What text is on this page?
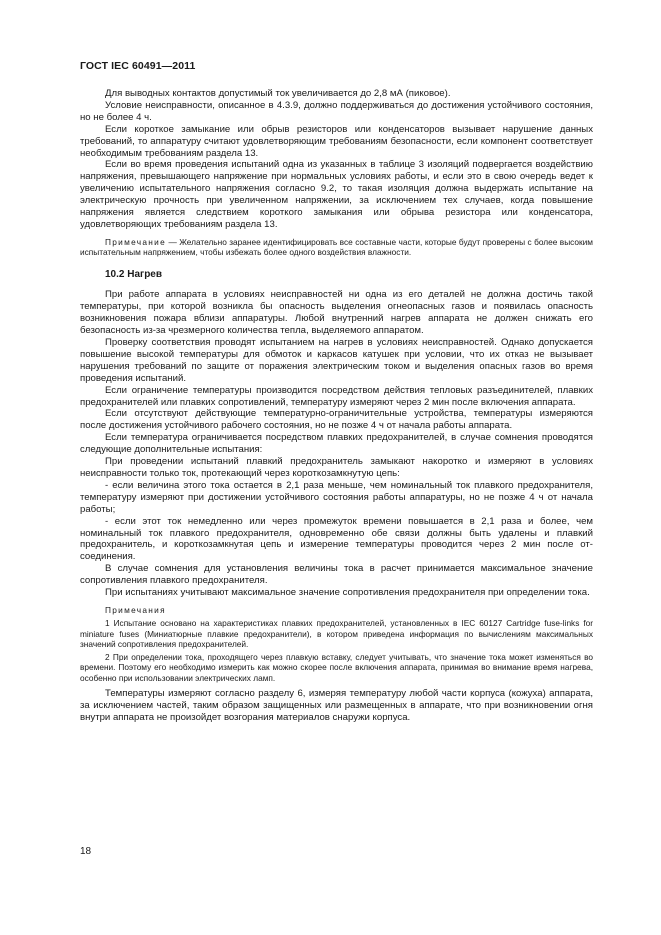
ГОСТ IEC 60491—2011

Для выводных контактов допустимый ток увеличивается до 2,8 мА (пиковое).

Условие неисправности, описанное в 4.3.9, должно поддерживаться до достижения устойчивого состояния, но не более 4 ч.

Если короткое замыкание или обрыв резисторов или конденсаторов вызывает нарушение данных требований, то аппаратуру считают удовлетворяющим требованиям безопасности, если компонент соответствует необходимым требованиям раздела 13.

Если во время проведения испытаний одна из указанных в таблице 3 изоляций подвергается воздействию напряжения, превышающего напряжение при нормальных условиях работы, и если это в свою очередь ведет к увеличению испытательного напряжения согласно 9.2, то такая изоляция должна выдержать испытание на электрическую прочность при увеличенном напряжении, за исключением тех случаев, когда повышение напряжения является следствием короткого замыкания или обрыва резистора или конденсатора, удовлетворяющих требованиям раздела 13.

Примечание — Желательно заранее идентифицировать все составные части, которые будут проверены с более высоким испытательным напряжением, чтобы избежать более одного воздействия влажности.

10.2 Нагрев

При работе аппарата в условиях неисправностей ни одна из его деталей не должна достичь такой температуры, при которой возникла бы опасность выделения огнеопасных газов и появилась опасность возникновения пожара вблизи аппаратуры. Любой внутренний нагрев аппарата не должен снижать его безопасность из-за чрезмерного количества тепла, выделяемого аппаратом.

Проверку соответствия проводят испытанием на нагрев в условиях неисправностей. Однако допускается повышение высокой температуры для обмоток и каркасов катушек при условии, что их отказ не вызывает нарушения требований по защите от поражения электрическим током и выделения опасных газов во время проведения испытаний.

Если ограничение температуры производится посредством действия тепловых разъединителей, плавких предохранителей или плавких сопротивлений, температуру измеряют через 2 мин после включения аппарата.

Если отсутствуют действующие температурно-ограничительные устройства, температуры измеряются после достижения устойчивого рабочего состояния, но не позже 4 ч от начала работы аппарата.

Если температура ограничивается посредством плавких предохранителей, в случае сомнения проводятся следующие дополнительные испытания:

При проведении испытаний плавкий предохранитель замыкают накоротко и измеряют в условиях неисправности только ток, протекающий через короткозамкнутую цепь:

- если величина этого тока остается в 2,1 раза меньше, чем номинальный ток плавкого предохранителя, температуру измеряют при достижении устойчивого состояния работы аппаратуры, но не позже 4 ч от начала работы;

- если этот ток немедленно или через промежуток времени повышается в 2,1 раза и более, чем номинальный ток плавкого предохранителя, одновременно обе связи должны быть удалены и плавкий предохранитель, и короткозамкнутая цепь и измерение температуры проводится через 2 мин после отсоединения.

В случае сомнения для установления величины тока в расчет принимается максимальное значение сопротивления плавкого предохранителя.

При испытаниях учитывают максимальное значение сопротивления предохранителя при определении тока.

Примечания

1 Испытание основано на характеристиках плавких предохранителей, установленных в IEC 60127 Cartridge fuse-links for miniature fuses (Миниатюрные плавкие предохранители), в котором приведена информация по вычислениям максимальных значений сопротивления предохранителей.

2 При определении тока, проходящего через плавкую вставку, следует учитывать, что значение тока может изменяться во времени. Поэтому его необходимо измерить как можно скорее после включения аппарата, принимая во внимание время нагрева, особенно при использовании электрических ламп.

Температуры измеряют согласно разделу 6, измеряя температуру любой части корпуса (кожуха) аппарата, за исключением частей, таким образом защищенных или размещенных в аппарате, что при возникновении огня внутри аппарата не произойдет возгорания материалов снаружи корпуса.

18
